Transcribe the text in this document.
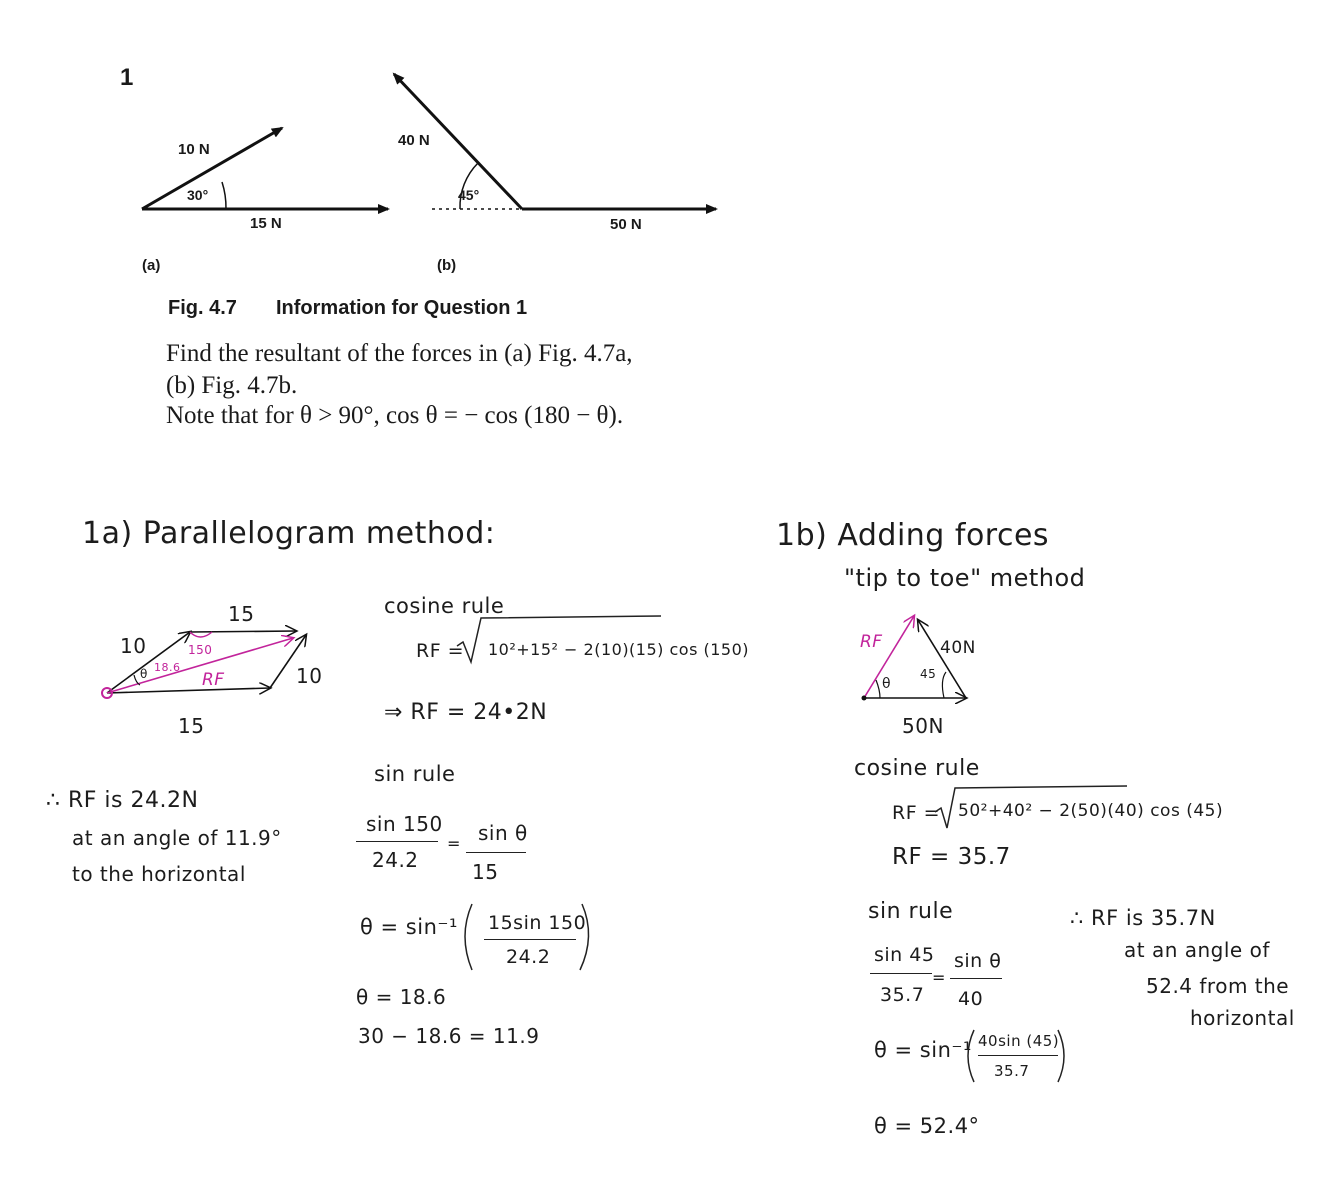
1
10 N
30°
15 N
(a)
40 N
45°
50 N
(b)
Fig. 4.7 Information for Question 1
Find the resultant of the forces in (a) Fig. 4.7a,
(b) Fig. 4.7b.
Note that for θ > 90°, cos θ = − cos (180 − θ).
1a) Parallelogram method:
15
10
10
15
150
θ 18.6
RF
cosine rule
RF = 10²+15² − 2(10)(15) cos (150)
⇒ RF = 24•2N
sin rule
sin 150
24.2
= sin θ
15
θ = sin⁻¹ 15sin 150
24.2
θ = 18.6
30 − 18.6 = 11.9
∴ RF is 24.2N
at an angle of 11.9°
to the horizontal
1b) Adding forces
"tip to toe" method
RF	40N
45
θ
50N
cosine rule
RF = 50²+40² − 2(50)(40) cos (45)
RF = 35.7
sin rule
sin 45
35.7
=
sin θ
40
θ = sin⁻¹ 40sin (45)
35.7
θ = 52.4°
∴ RF is 35.7N
at an angle of
52.4 from the
horizontal
